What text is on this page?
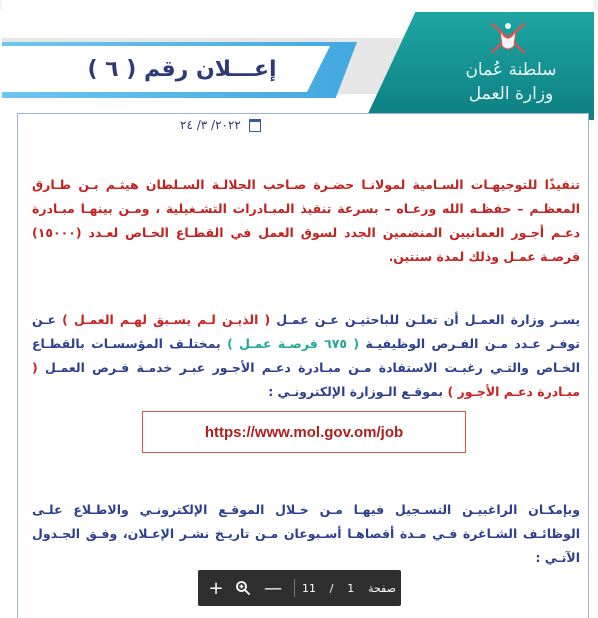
إعـــلان رقم ( ٦ )	سلطنة عُمان
وزارة العمل
٢٠٢٢/ ٣/ ٢٤
تنفيذًا للتوجيهـات السـامية لمولانـا حضـرة صـاحب الجلالـة السـلطان هيثـم بـن طـارق المعظـم – حفظـه الله ورعـاه – بسرعة تنفيذ المبـادرات التشـغيلية ، ومـن بينهـا مبـادرة دعـم أجـور العمانيين المنضمين الجدد لسوق العمل في القطـاع الخـاص لعـدد (١٥٠٠٠) فرصـة عمـل وذلك لمدة سنتين.
يسـر وزارة العمـل أن تعلـن للباحثيـن عـن عمـل ( الذيـن لـم يسـبق لهـم العمـل ) عـن توفـر عـدد مـن الفـرص الوظيفيـة ( ٦٧٥ فرصـة عمـل ) بمختلـف المؤسسـات بالقطـاع الخـاص والتـي رغبـت الاستفادة مـن مبـادرة دعـم الأجـور عبـر خدمـة فـرص العمـل ( مبـادرة دعـم الأجـور ) بموقـع الـوزارة الإلكترونـي :
https://www.mol.gov.om/job
وبإمكـان الراغبيـن التسـجيل فيهـا مـن خـلال الموقـع الإلكترونـي والاطـلاع علـى الوظائـف الشـاغرة فـي مـدة أقصاهـا أسـبوعان مـن تاريـخ نشـر الإعـلان، وفـق الجـدول الآتـي :
+ — 11 / 1 صفحة
